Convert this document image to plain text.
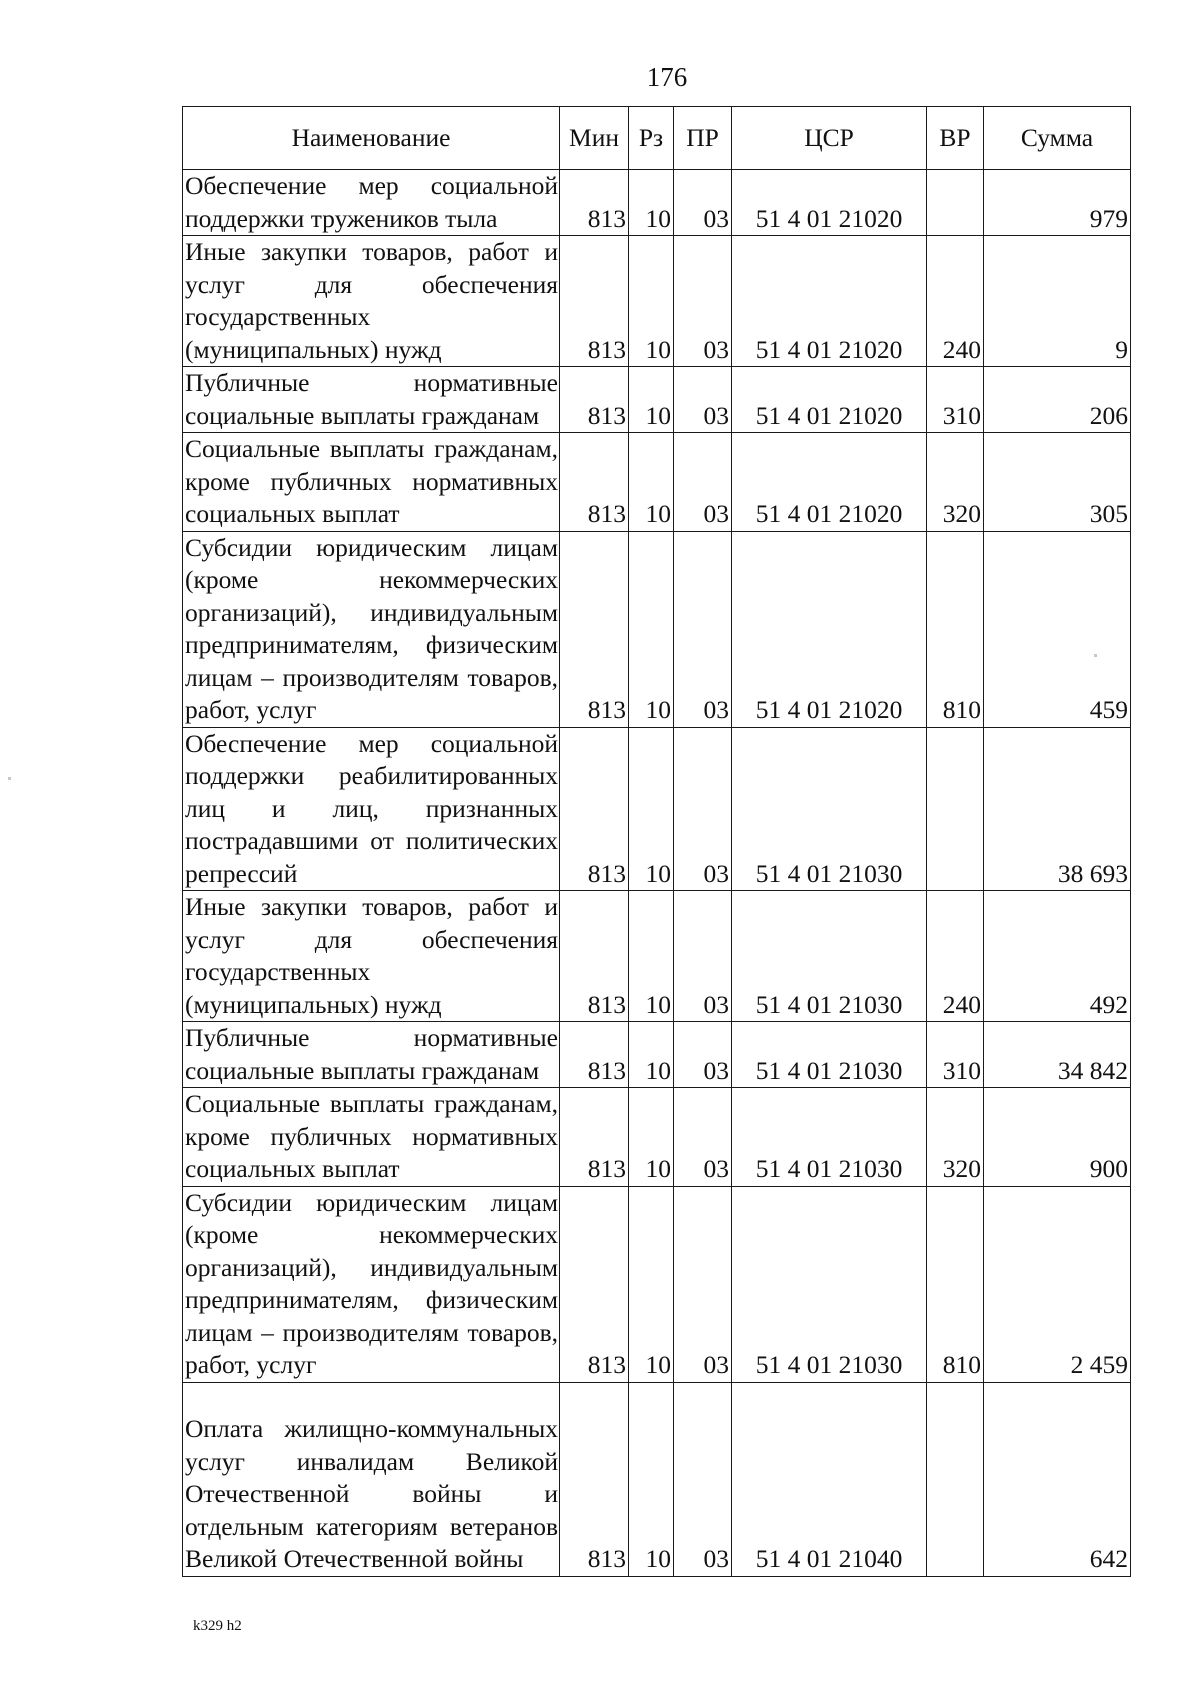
176
Наименование	Мин	Рз	ПР	ЦСР	ВР	Сумма
Обеспечение мер социальной поддержки тружеников тыла	813	10	03	51 4 01 21020		979
Иные закупки товаров, работ и услуг для обеспечения государственных (муниципальных) нужд	813	10	03	51 4 01 21020	240	9
Публичные нормативные социальные выплаты гражданам	813	10	03	51 4 01 21020	310	206
Социальные выплаты гражданам, кроме публичных нормативных социальных выплат	813	10	03	51 4 01 21020	320	305
Субсидии юридическим лицам (кроме некоммерческих организаций), индивидуальным предпринимателям, физическим лицам – производителям товаров, работ, услуг	813	10	03	51 4 01 21020	810	459
Обеспечение мер социальной поддержки реабилитированных лиц и лиц, признанных пострадавшими от политических репрессий	813	10	03	51 4 01 21030		38 693
Иные закупки товаров, работ и услуг для обеспечения государственных (муниципальных) нужд	813	10	03	51 4 01 21030	240	492
Публичные нормативные социальные выплаты гражданам	813	10	03	51 4 01 21030	310	34 842
Социальные выплаты гражданам, кроме публичных нормативных социальных выплат	813	10	03	51 4 01 21030	320	900
Субсидии юридическим лицам (кроме некоммерческих организаций), индивидуальным предпринимателям, физическим лицам – производителям товаров, работ, услуг	813	10	03	51 4 01 21030	810	2 459
Оплата жилищно-коммунальных услуг инвалидам Великой Отечественной войны и отдельным категориям ветеранов Великой Отечественной войны	813	10	03	51 4 01 21040		642
k329 h2
